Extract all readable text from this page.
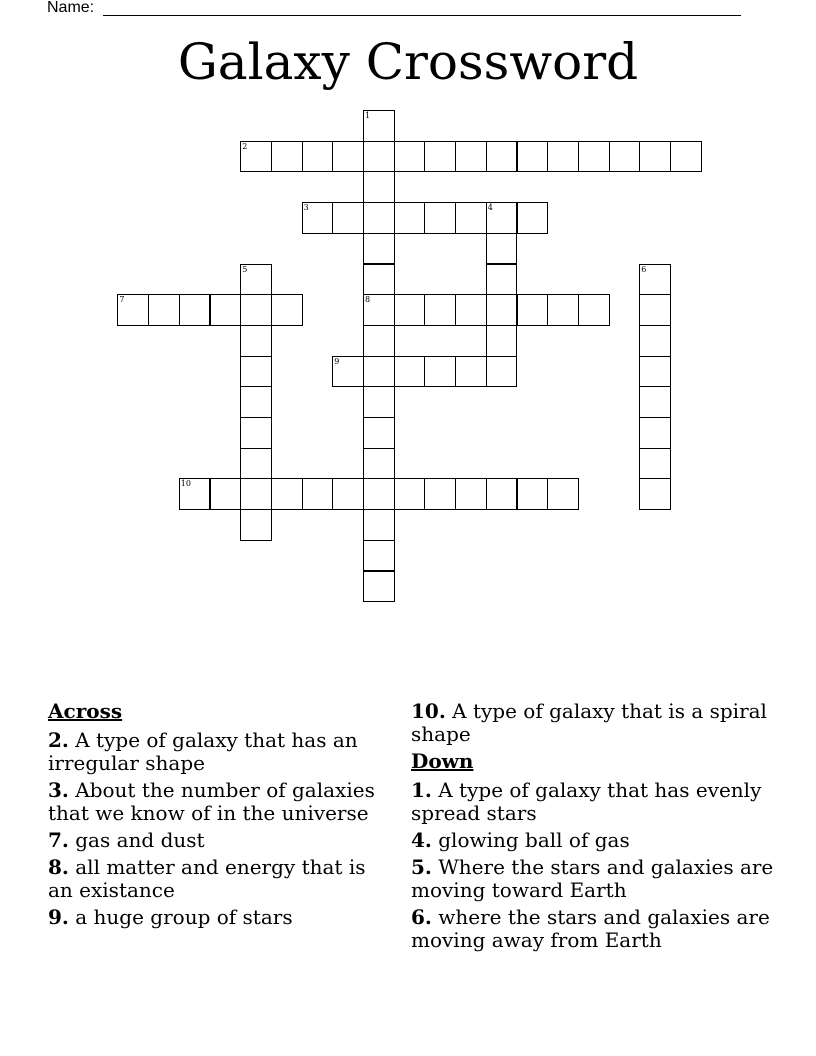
Name:
Galaxy Crossword
1
8
2
3	4
5	6
7
9
10
Across
2. A type of galaxy that has an irregular shape
3. About the number of galaxies that we know of in the universe
7. gas and dust
8. all matter and energy that is an existance
9. a huge group of stars
10. A type of galaxy that is a spiral shape
Down
1. A type of galaxy that has evenly spread stars
4. glowing ball of gas
5. Where the stars and galaxies are moving toward Earth
6. where the stars and galaxies are moving away from Earth
